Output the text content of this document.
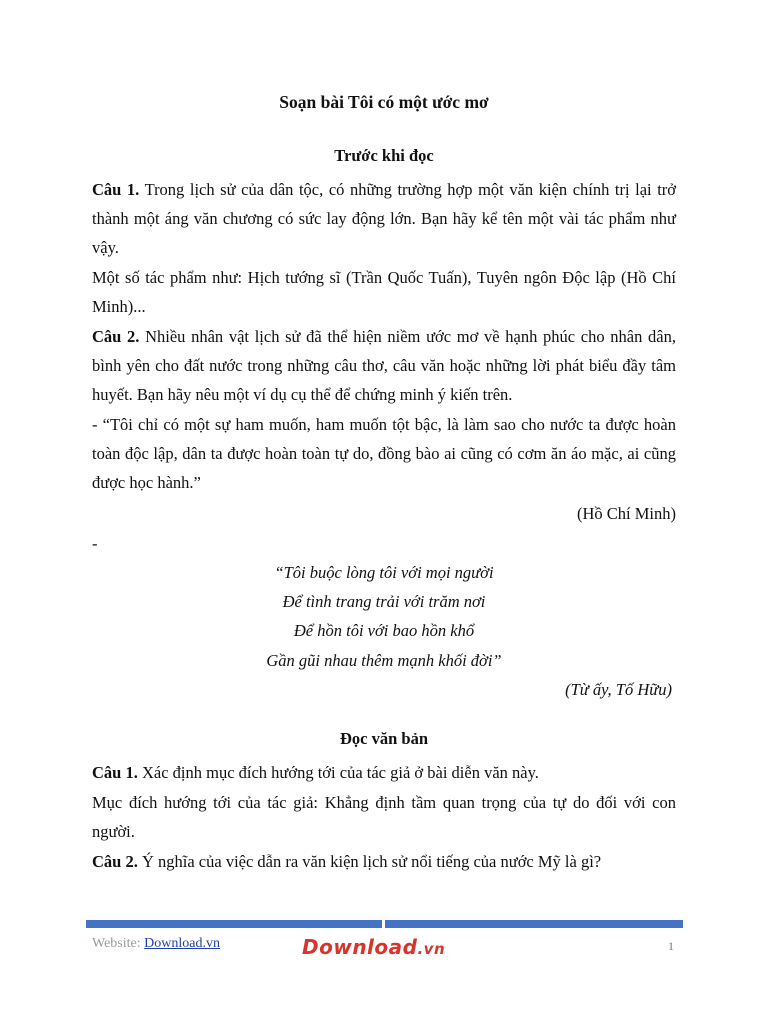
Soạn bài Tôi có một ước mơ
Trước khi đọc
Câu 1. Trong lịch sử của dân tộc, có những trường hợp một văn kiện chính trị lại trở thành một áng văn chương có sức lay động lớn. Bạn hãy kể tên một vài tác phẩm như vậy.
Một số tác phẩm như: Hịch tướng sĩ (Trần Quốc Tuấn), Tuyên ngôn Độc lập (Hồ Chí Minh)...
Câu 2. Nhiều nhân vật lịch sử đã thể hiện niềm ước mơ về hạnh phúc cho nhân dân, bình yên cho đất nước trong những câu thơ, câu văn hoặc những lời phát biểu đầy tâm huyết. Bạn hãy nêu một ví dụ cụ thể để chứng minh ý kiến trên.
- “Tôi chỉ có một sự ham muốn, ham muốn tột bậc, là làm sao cho nước ta được hoàn toàn độc lập, dân ta được hoàn toàn tự do, đồng bào ai cũng có cơm ăn áo mặc, ai cũng được học hành.”
(Hồ Chí Minh)
-
“Tôi buộc lòng tôi với mọi người
Để tình trang trải với trăm nơi
Để hồn tôi với bao hồn khổ
Gần gũi nhau thêm mạnh khối đời”
(Từ ấy, Tố Hữu)
Đọc văn bản
Câu 1. Xác định mục đích hướng tới của tác giả ở bài diễn văn này.
Mục đích hướng tới của tác giả: Khẳng định tầm quan trọng của tự do đối với con người.
Câu 2. Ý nghĩa của việc dẫn ra văn kiện lịch sử nổi tiếng của nước Mỹ là gì?
Website: Download.vn	Download.vn	1
